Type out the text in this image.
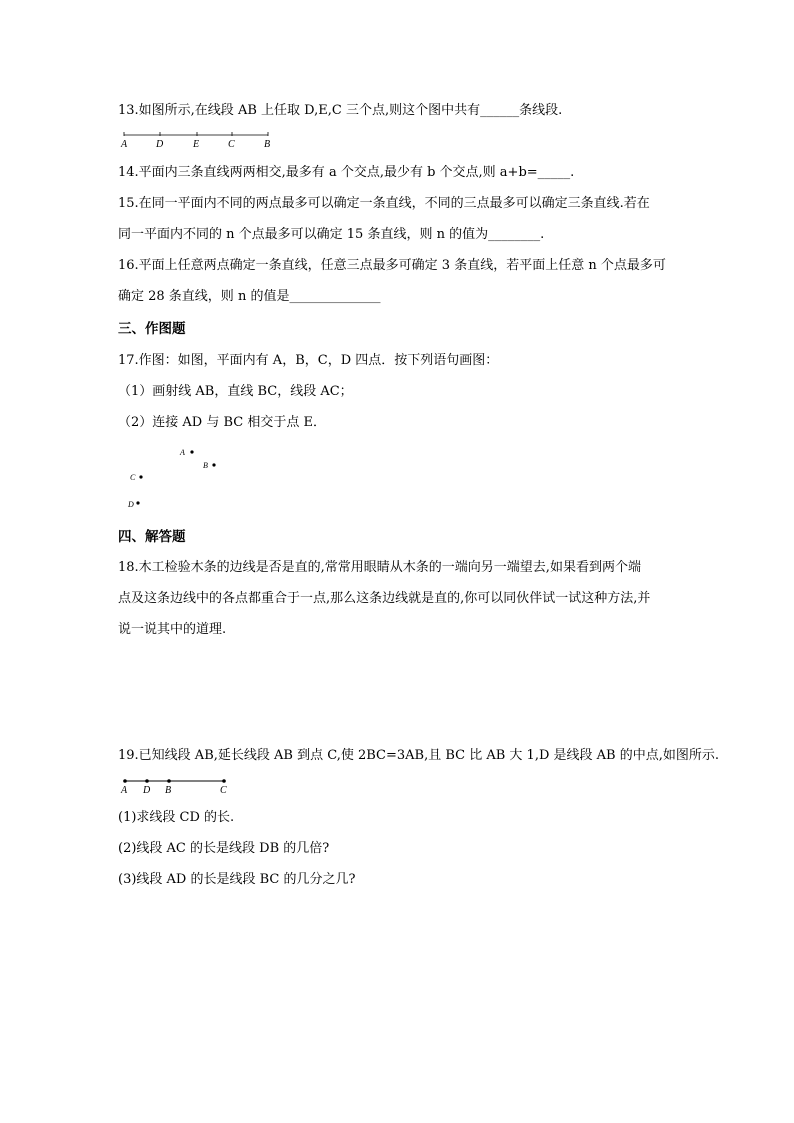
13.如图所示,在线段 AB 上任取 D,E,C 三个点,则这个图中共有______条线段.
A	D	E	C	B
14.平面内三条直线两两相交,最多有 a 个交点,最少有 b 个交点,则 a+b=_____.
15.在同一平面内不同的两点最多可以确定一条直线，不同的三点最多可以确定三条直线.若在
同一平面内不同的 n 个点最多可以确定 15 条直线，则 n 的值为________.
16.平面上任意两点确定一条直线，任意三点最多可确定 3 条直线，若平面上任意 n 个点最多可
确定 28 条直线，则 n 的值是______________
三、作图题
17.作图：如图，平面内有 A，B，C，D 四点．按下列语句画图：
（1）画射线 AB，直线 BC，线段 AC；
（2）连接 AD 与 BC 相交于点 E．
A
B
C
D
四、解答题
18.木工检验木条的边线是否是直的,常常用眼睛从木条的一端向另一端望去,如果看到两个端
点及这条边线中的各点都重合于一点,那么这条边线就是直的,你可以同伙伴试一试这种方法,并
说一说其中的道理.
19.已知线段 AB,延长线段 AB 到点 C,使 2BC=3AB,且 BC 比 AB 大 1,D 是线段 AB 的中点,如图所示.
A D B	C
(1)求线段 CD 的长.
(2)线段 AC 的长是线段 DB 的几倍?
(3)线段 AD 的长是线段 BC 的几分之几?
